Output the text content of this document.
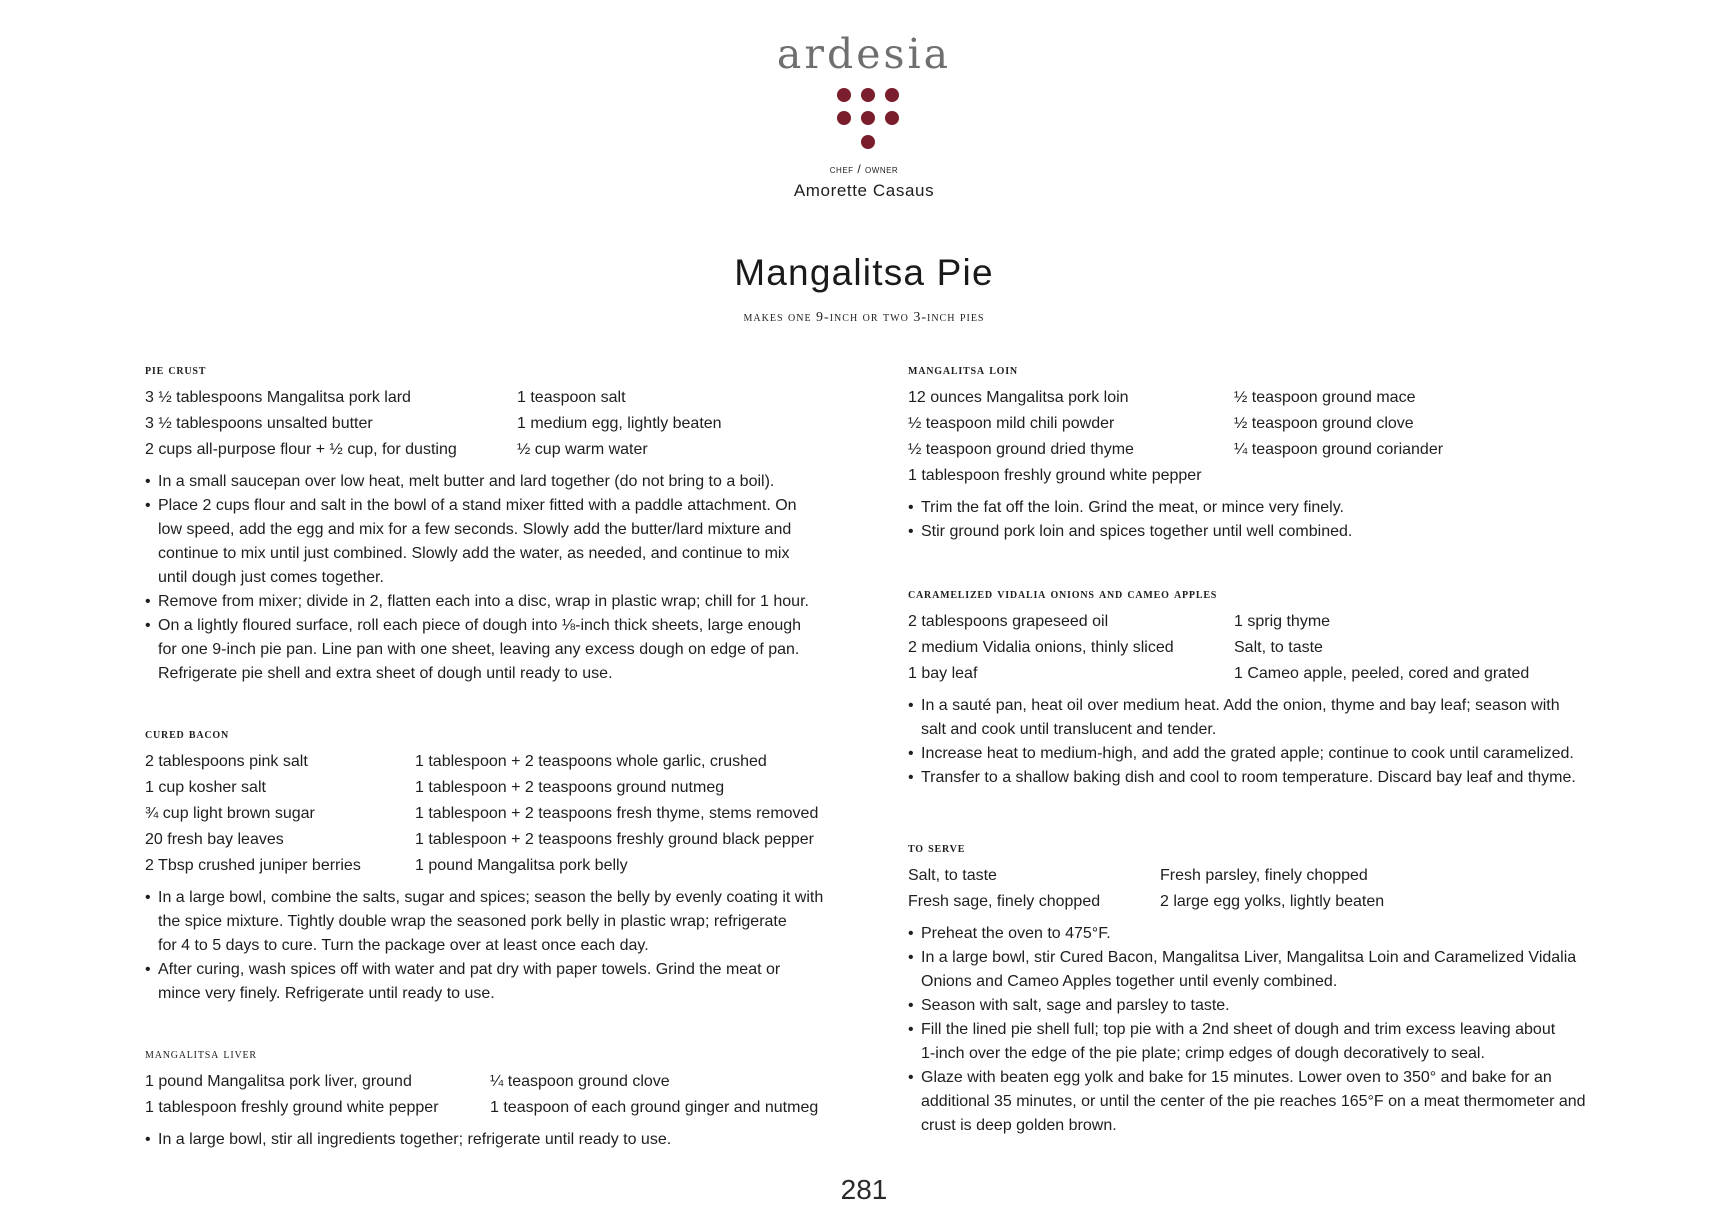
ardesia
chef / owner
Amorette Casaus
Mangalitsa Pie
makes one 9-inch or two 3-inch pies
pie crust
3 ½ tablespoons Mangalitsa pork lard
3 ½ tablespoons unsalted butter
2 cups all-purpose flour + ½ cup, for dusting
1 teaspoon salt
1 medium egg, lightly beaten
½ cup warm water
• In a small saucepan over low heat, melt butter and lard together (do not bring to a boil).
• Place 2 cups flour and salt in the bowl of a stand mixer fitted with a paddle attachment. On
low speed, add the egg and mix for a few seconds. Slowly add the butter/lard mixture and
continue to mix until just combined. Slowly add the water, as needed, and continue to mix
until dough just comes together.
• Remove from mixer; divide in 2, flatten each into a disc, wrap in plastic wrap; chill for 1 hour.
• On a lightly floured surface, roll each piece of dough into ⅛-inch thick sheets, large enough
for one 9-inch pie pan. Line pan with one sheet, leaving any excess dough on edge of pan.
Refrigerate pie shell and extra sheet of dough until ready to use.
cured bacon
2 tablespoons pink salt
1 cup kosher salt
¾ cup light brown sugar
20 fresh bay leaves
2 Tbsp crushed juniper berries
1 tablespoon + 2 teaspoons whole garlic, crushed
1 tablespoon + 2 teaspoons ground nutmeg
1 tablespoon + 2 teaspoons fresh thyme, stems removed
1 tablespoon + 2 teaspoons freshly ground black pepper
1 pound Mangalitsa pork belly
• In a large bowl, combine the salts, sugar and spices; season the belly by evenly coating it with
the spice mixture. Tightly double wrap the seasoned pork belly in plastic wrap; refrigerate
for 4 to 5 days to cure. Turn the package over at least once each day.
• After curing, wash spices off with water and pat dry with paper towels. Grind the meat or
mince very finely. Refrigerate until ready to use.
mangalitsa liver
1 pound Mangalitsa pork liver, ground
1 tablespoon freshly ground white pepper
¼ teaspoon ground clove
1 teaspoon of each ground ginger and nutmeg
• In a large bowl, stir all ingredients together; refrigerate until ready to use.
mangalitsa loin
12 ounces Mangalitsa pork loin
½ teaspoon mild chili powder
½ teaspoon ground dried thyme
1 tablespoon freshly ground white pepper
½ teaspoon ground mace
½ teaspoon ground clove
¼ teaspoon ground coriander
• Trim the fat off the loin. Grind the meat, or mince very finely.
• Stir ground pork loin and spices together until well combined.
caramelized vidalia onions and cameo apples
2 tablespoons grapeseed oil
2 medium Vidalia onions, thinly sliced
1 bay leaf
1 sprig thyme
Salt, to taste
1 Cameo apple, peeled, cored and grated
• In a sauté pan, heat oil over medium heat. Add the onion, thyme and bay leaf; season with
salt and cook until translucent and tender.
• Increase heat to medium-high, and add the grated apple; continue to cook until caramelized.
• Transfer to a shallow baking dish and cool to room temperature. Discard bay leaf and thyme.
to serve
Salt, to taste
Fresh sage, finely chopped
Fresh parsley, finely chopped
2 large egg yolks, lightly beaten
• Preheat the oven to 475°F.
• In a large bowl, stir Cured Bacon, Mangalitsa Liver, Mangalitsa Loin and Caramelized Vidalia
Onions and Cameo Apples together until evenly combined.
• Season with salt, sage and parsley to taste.
• Fill the lined pie shell full; top pie with a 2nd sheet of dough and trim excess leaving about
1-inch over the edge of the pie plate; crimp edges of dough decoratively to seal.
• Glaze with beaten egg yolk and bake for 15 minutes. Lower oven to 350° and bake for an
additional 35 minutes, or until the center of the pie reaches 165°F on a meat thermometer and
crust is deep golden brown.
281
